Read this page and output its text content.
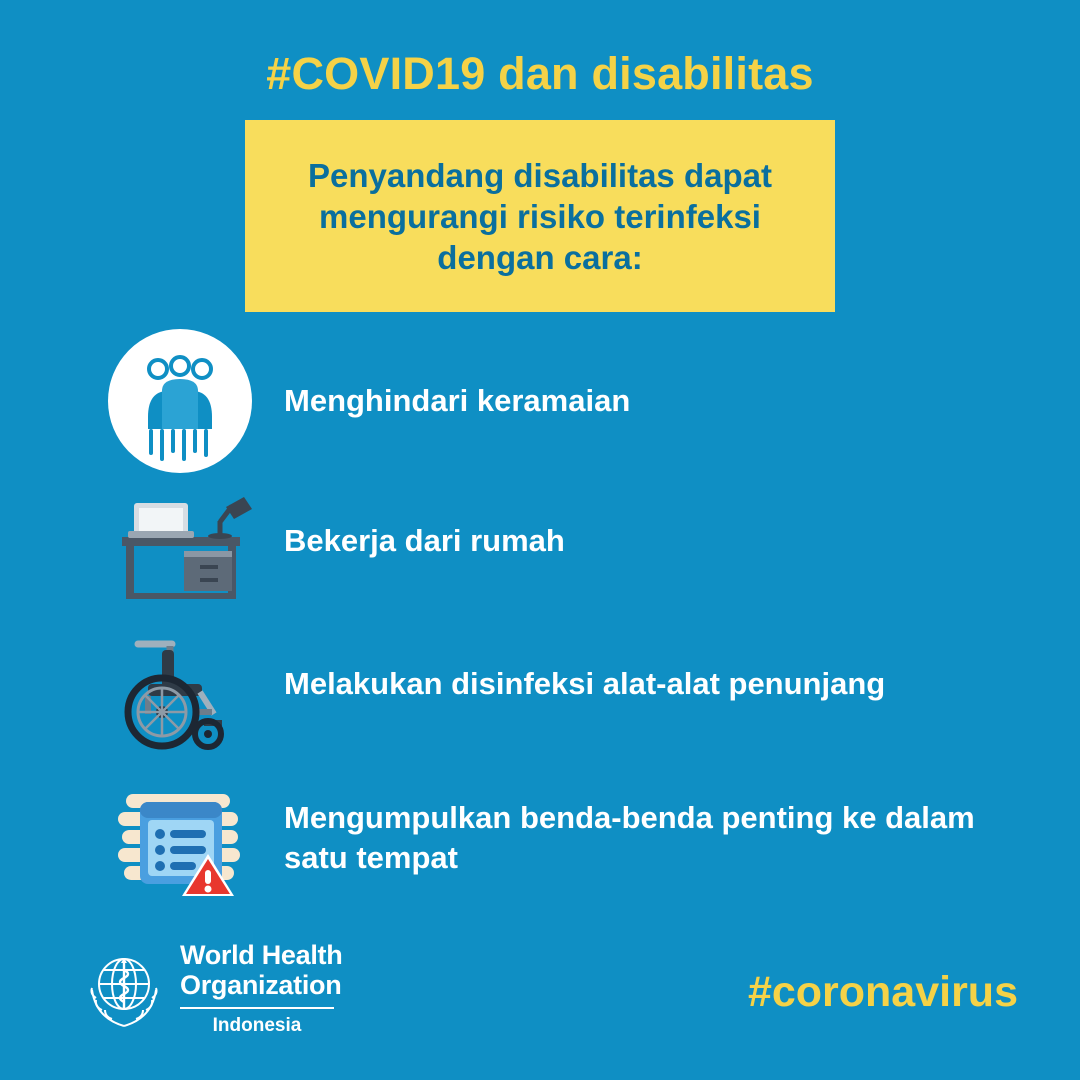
#COVID19 dan disabilitas
Penyandang disabilitas dapat mengurangi risiko terinfeksi dengan cara:
Menghindari keramaian
Bekerja dari rumah
Melakukan disinfeksi alat-alat penunjang
Mengumpulkan benda-benda penting ke dalam satu tempat
World Health
Organization
Indonesia
#coronavirus
